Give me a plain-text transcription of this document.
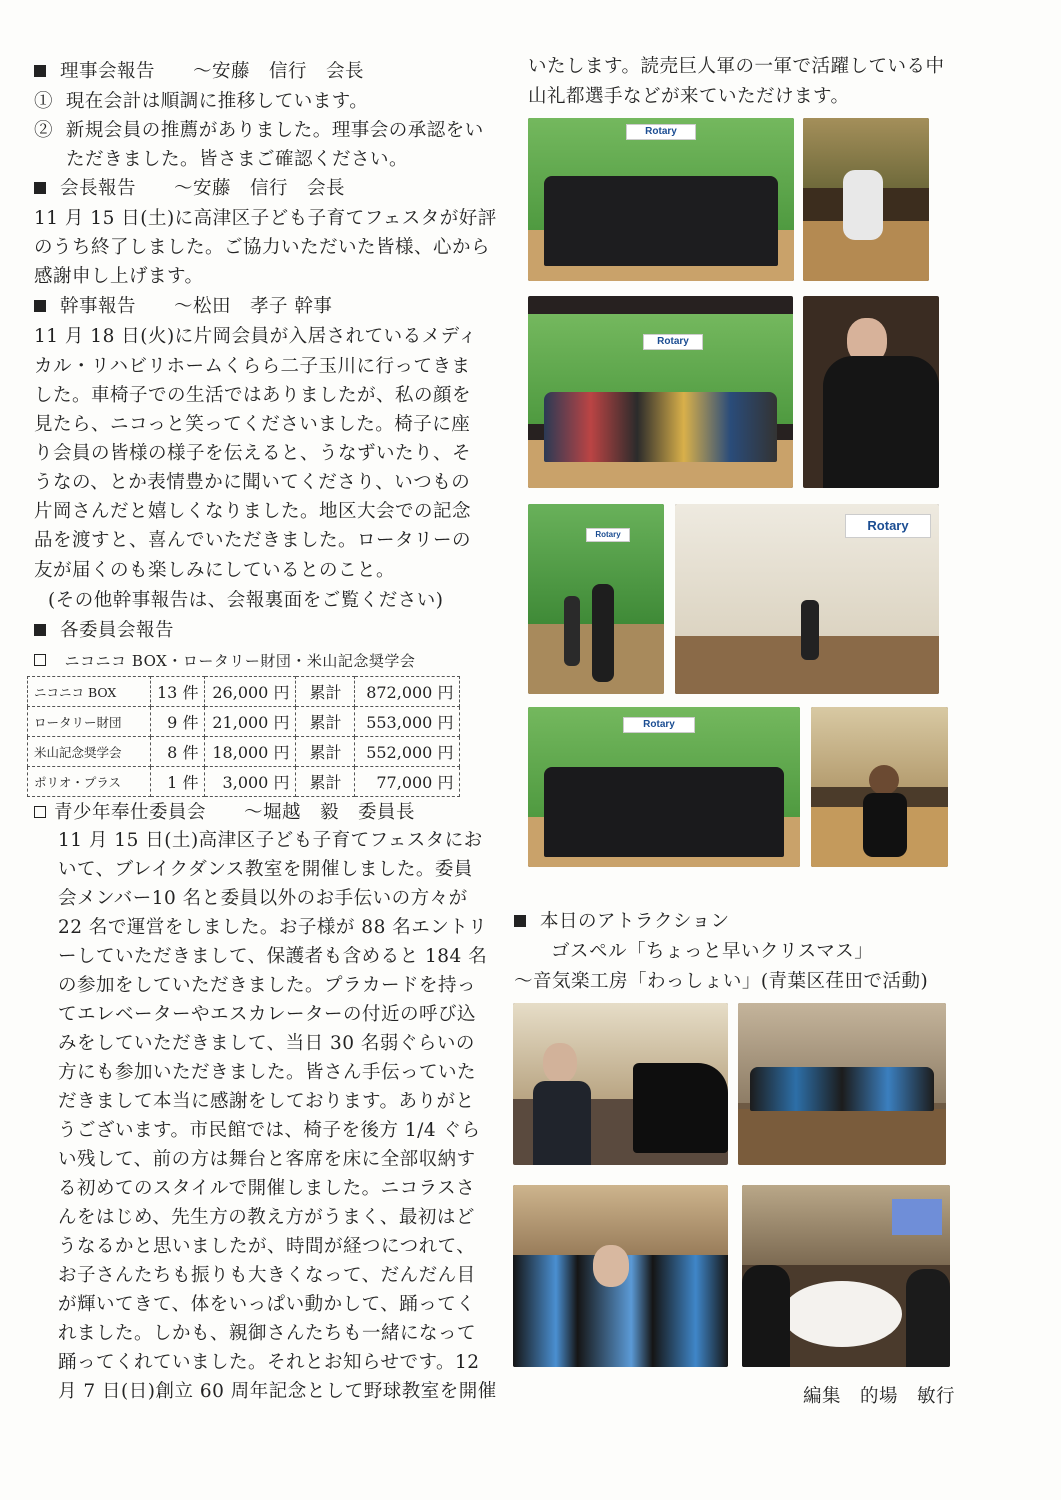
理事会報告　　～安藤　信行　会長
①  現在会計は順調に推移しています。
②  新規会員の推薦がありました。理事会の承認をい
ただきました。皆さまご確認ください。
会長報告　　～安藤　信行　会長
11 月 15 日(土)に高津区子ども子育てフェスタが好評
のうち終了しました。ご協力いただいた皆様、心から
感謝申し上げます。
幹事報告　　～松田　孝子 幹事
11 月 18 日(火)に片岡会員が入居されているメディ
カル・リハビリホームくらら二子玉川に行ってきま
した。車椅子での生活ではありましたが、私の顔を
見たら、ニコっと笑ってくださいました。椅子に座
り会員の皆様の様子を伝えると、うなずいたり、そ
うなの、とか表情豊かに聞いてくださり、いつもの
片岡さんだと嬉しくなりました。地区大会での記念
品を渡すと、喜んでいただきました。ロータリーの
友が届くのも楽しみにしているとのこと。
(その他幹事報告は、会報裏面をご覧ください)
各委員会報告
ニコニコ BOX・ロータリー財団・米山記念奨学会
ニコニコ BOX	13 件	26,000 円	累計	872,000 円
ロータリー財団	9 件	21,000 円	累計	553,000 円
米山記念奨学会	8 件	18,000 円	累計	552,000 円
ポリオ・プラス	1 件	3,000 円	累計	77,000 円
青少年奉仕委員会　　～堀越　毅　委員長
11 月 15 日(土)高津区子ども子育てフェスタにお
いて、ブレイクダンス教室を開催しました。委員
会メンバー10 名と委員以外のお手伝いの方々が
22 名で運営をしました。お子様が 88 名エントリ
ーしていただきまして、保護者も含めると 184 名
の参加をしていただきました。プラカードを持っ
てエレベーターやエスカレーターの付近の呼び込
みをしていただきまして、当日 30 名弱ぐらいの
方にも参加いただきました。皆さん手伝っていた
だきまして本当に感謝をしております。ありがと
うございます。市民館では、椅子を後方 1/4 ぐら
い残して、前の方は舞台と客席を床に全部収納す
る初めてのスタイルで開催しました。ニコラスさ
んをはじめ、先生方の教え方がうまく、最初はど
うなるかと思いましたが、時間が経つにつれて、
お子さんたちも振りも大きくなって、だんだん目
が輝いてきて、体をいっぱい動かして、踊ってく
れました。しかも、親御さんたちも一緒になって
踊ってくれていました。それとお知らせです。12
月 7 日(日)創立 60 周年記念として野球教室を開催
いたします。読売巨人軍の一軍で活躍している中
山礼都選手などが来ていただけます。
Rotary
Rotary
Rotary
Rotary
Rotary
本日のアトラクション
ゴスペル「ちょっと早いクリスマス」
～音気楽工房「わっしょい」(青葉区荏田で活動)
編集　的場　敏行
